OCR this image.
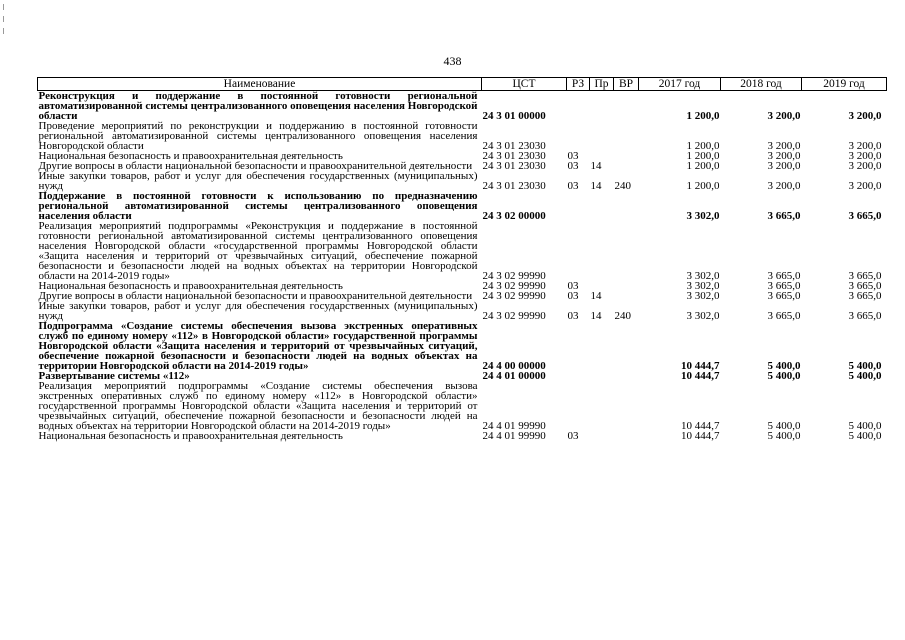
438
Наименование	ЦСТ	РЗ	Пр	ВР	2017 год	2018 год	2019 год
Реконструкция и поддержание в постоянной готовности региональной автоматизированной системы централизованного оповещения населения Новгородской области	24 3 01 00000				1 200,0	3 200,0	3 200,0
Проведение мероприятий по реконструкции и поддержанию в постоянной готовности региональной автоматизированной системы централизованного оповещения населения Новгородской области	24 3 01 23030				1 200,0	3 200,0	3 200,0
Национальная безопасность и правоохранительная деятельность	24 3 01 23030	03			1 200,0	3 200,0	3 200,0
Другие вопросы в области национальной безопасности и правоохранительной деятельности	24 3 01 23030	03	14		1 200,0	3 200,0	3 200,0
Иные закупки товаров, работ и услуг для обеспечения государственных (муниципальных) нужд	24 3 01 23030	03	14	240	1 200,0	3 200,0	3 200,0
Поддержание в постоянной готовности к использованию по предназначению региональной автоматизированной системы централизованного оповещения населения области	24 3 02 00000				3 302,0	3 665,0	3 665,0
Реализация мероприятий подпрограммы «Реконструкция и поддержание в постоянной готовности региональной автоматизированной системы централизованного оповещения населения Новгородской области «государственной программы Новгородской области «Защита населения и территорий от чрезвычайных ситуаций, обеспечение пожарной безопасности и безопасности людей на водных объектах на территории Новгородской области на 2014-2019 годы»	24 3 02 99990				3 302,0	3 665,0	3 665,0
Национальная безопасность и правоохранительная деятельность	24 3 02 99990	03			3 302,0	3 665,0	3 665,0
Другие вопросы в области национальной безопасности и правоохранительной деятельности	24 3 02 99990	03	14		3 302,0	3 665,0	3 665,0
Иные закупки товаров, работ и услуг для обеспечения государственных (муниципальных) нужд	24 3 02 99990	03	14	240	3 302,0	3 665,0	3 665,0
Подпрограмма «Создание системы обеспечения вызова экстренных оперативных служб по единому номеру «112» в Новгородской области» государственной программы Новгородской области «Защита населения и территорий от чрезвычайных ситуаций, обеспечение пожарной безопасности и безопасности людей на водных объектах на территории Новгородской области на 2014-2019 годы»	24 4 00 00000				10 444,7	5 400,0	5 400,0
Развертывание системы «112»	24 4 01 00000				10 444,7	5 400,0	5 400,0
Реализация мероприятий подпрограммы «Создание системы обеспечения вызова экстренных оперативных служб по единому номеру «112» в Новгородской области» государственной программы Новгородской области «Защита населения и территорий от чрезвычайных ситуаций, обеспечение пожарной безопасности и безопасности людей на водных объектах на территории Новгородской области на 2014-2019 годы»	24 4 01 99990				10 444,7	5 400,0	5 400,0
Национальная безопасность и правоохранительная деятельность	24 4 01 99990	03			10 444,7	5 400,0	5 400,0
